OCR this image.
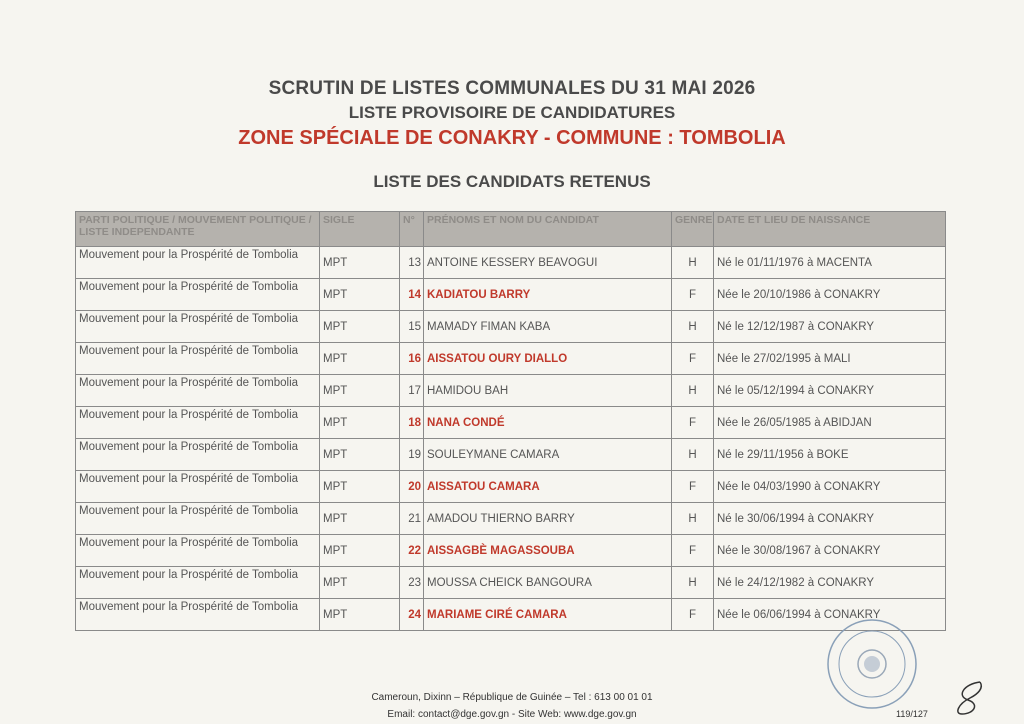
SCRUTIN DE LISTES COMMUNALES DU 31 MAI 2026
LISTE PROVISOIRE DE CANDIDATURES
ZONE SPÉCIALE DE CONAKRY - COMMUNE : TOMBOLIA
LISTE DES CANDIDATS RETENUS
PARTI POLITIQUE / MOUVEMENT POLITIQUE / LISTE INDEPENDANTE	SIGLE	N°	PRÉNOMS ET NOM DU CANDIDAT	GENRE	DATE ET LIEU DE NAISSANCE
Mouvement pour la Prospérité de Tombolia	MPT	13	ANTOINE KESSERY BEAVOGUI	H	Né le 01/11/1976 à MACENTA
Mouvement pour la Prospérité de Tombolia	MPT	14	KADIATOU BARRY	F	Née le 20/10/1986 à CONAKRY
Mouvement pour la Prospérité de Tombolia	MPT	15	MAMADY FIMAN KABA	H	Né le 12/12/1987 à CONAKRY
Mouvement pour la Prospérité de Tombolia	MPT	16	AISSATOU OURY DIALLO	F	Née le 27/02/1995 à MALI
Mouvement pour la Prospérité de Tombolia	MPT	17	HAMIDOU BAH	H	Né le 05/12/1994 à CONAKRY
Mouvement pour la Prospérité de Tombolia	MPT	18	NANA CONDÉ	F	Née le 26/05/1985 à ABIDJAN
Mouvement pour la Prospérité de Tombolia	MPT	19	SOULEYMANE CAMARA	H	Né le 29/11/1956 à BOKE
Mouvement pour la Prospérité de Tombolia	MPT	20	AISSATOU CAMARA	F	Née le 04/03/1990 à CONAKRY
Mouvement pour la Prospérité de Tombolia	MPT	21	AMADOU THIERNO BARRY	H	Né le 30/06/1994 à CONAKRY
Mouvement pour la Prospérité de Tombolia	MPT	22	AISSAGBÈ MAGASSOUBA	F	Née le 30/08/1967 à CONAKRY
Mouvement pour la Prospérité de Tombolia	MPT	23	MOUSSA CHEICK BANGOURA	H	Né le 24/12/1982 à CONAKRY
Mouvement pour la Prospérité de Tombolia	MPT	24	MARIAME CIRÉ CAMARA	F	Née le 06/06/1994 à CONAKRY
Cameroun, Dixinn – République de Guinée – Tel : 613 00 01 01
Email: contact@dge.gov.gn - Site Web: www.dge.gov.gn	119/127
